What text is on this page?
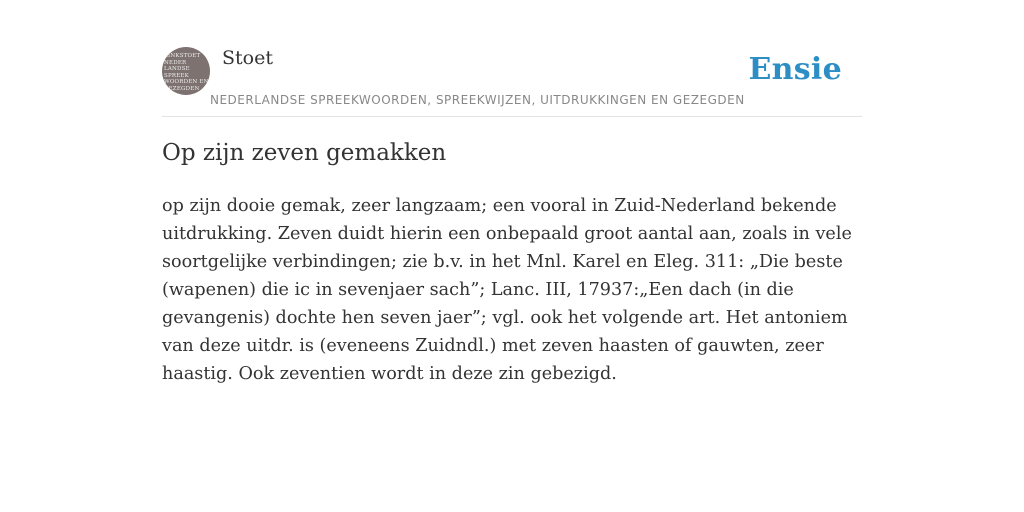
ZINKSTOET
NEDER
LANDSE
SPREEK
WOORDEN EN
GEZEGDEN
Stoet
NEDERLANDSE SPREEKWOORDEN, SPREEKWIJZEN, UITDRUKKINGEN EN GEZEGDEN
Ensie
Op zijn zeven gemakken

op zijn dooie gemak, zeer langzaam; een vooral in Zuid-Nederland bekende uitdrukking. Zeven duidt hierin een onbepaald groot aantal aan, zoals in vele soortgelijke verbindingen; zie b.v. in het Mnl. Karel en Eleg. 311: „Die beste (wapenen) die ic in sevenjaer sach”; Lanc. III, 17937:„Een dach (in die gevangenis) dochte hen seven jaer”; vgl. ook het volgende art. Het antoniem van deze uitdr. is (eveneens Zuidndl.) met zeven haasten of gauwten, zeer haastig. Ook zeventien wordt in deze zin gebezigd.
